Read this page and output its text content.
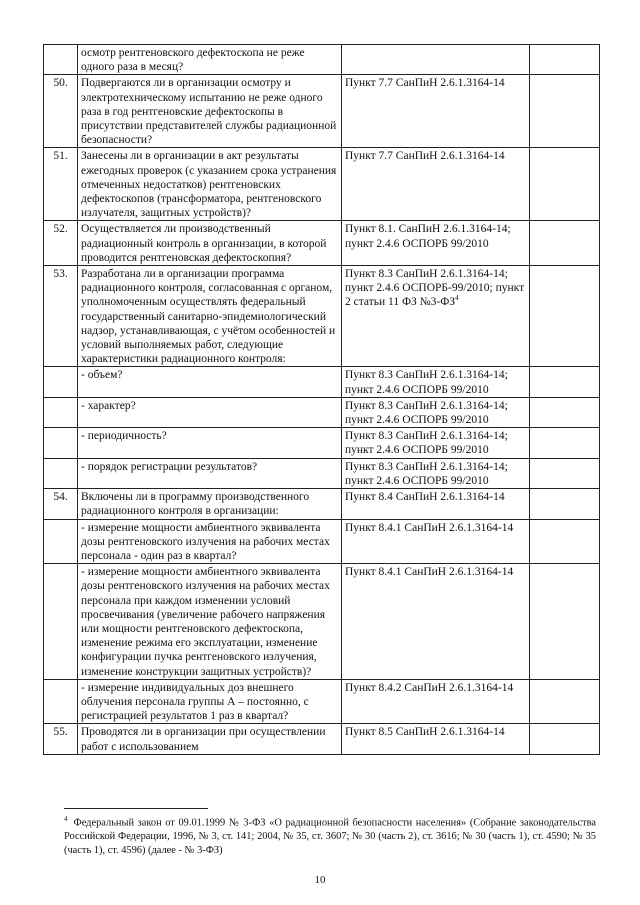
	осмотр рентгеновского дефектоскопа не реже одного раза в месяц?		
50.	Подвергаются ли в организации осмотру и электротехническому испытанию не реже одного раза в год рентгеновские дефектоскопы в присутствии представителей службы радиационной безопасности?	Пункт 7.7 СанПиН 2.6.1.3164-14	
51.	Занесены ли в организации в акт результаты ежегодных проверок (с указанием срока устранения отмеченных недостатков) рентгеновских дефектоскопов (трансформатора, рентгеновского излучателя, защитных устройств)?	Пункт 7.7 СанПиН 2.6.1.3164-14	
52.	Осуществляется ли производственный радиационный контроль в организации, в которой проводится рентгеновская дефектоскопия?	Пункт 8.1. СанПиН 2.6.1.3164-14; пункт 2.4.6 ОСПОРБ 99/2010	
53.	Разработана ли в организации программа радиационного контроля, согласованная с органом, уполномоченным осуществлять федеральный государственный санитарно-эпидемиологический надзор, устанавливающая, с учётом особенностей и условий выполняемых работ, следующие характеристики радиационного контроля:	Пункт 8.3 СанПиН 2.6.1.3164-14; пункт 2.4.6 ОСПОРБ-99/2010; пункт 2 статьи 11 ФЗ $№3-ФЗ^4$	
	- объем?	Пункт 8.3 СанПиН 2.6.1.3164-14; пункт 2.4.6 ОСПОРБ 99/2010	
	- характер?	Пункт 8.3 СанПиН 2.6.1.3164-14; пункт 2.4.6 ОСПОРБ 99/2010	
	- периодичность?	Пункт 8.3 СанПиН 2.6.1.3164-14; пункт 2.4.6 ОСПОРБ 99/2010	
	- порядок регистрации результатов?	Пункт 8.3 СанПиН 2.6.1.3164-14; пункт 2.4.6 ОСПОРБ 99/2010	
54.	Включены ли в программу производственного радиационного контроля в организации:	Пункт 8.4 СанПиН 2.6.1.3164-14	
	- измерение мощности амбиентного эквивалента дозы рентгеновского излучения на рабочих местах персонала - один раз в квартал?	Пункт 8.4.1 СанПиН 2.6.1.3164-14	
	- измерение мощности амбиентного эквивалента дозы рентгеновского излучения на рабочих местах персонала при каждом изменении условий просвечивания (увеличение рабочего напряжения или мощности рентгеновского дефектоскопа, изменение режима его эксплуатации, изменение конфигурации пучка рентгеновского излучения, изменение конструкции защитных устройств)?	Пункт 8.4.1 СанПиН 2.6.1.3164-14	
	- измерение индивидуальных доз внешнего облучения персонала группы А – постоянно, с регистрацией результатов 1 раз в квартал?	Пункт 8.4.2 СанПиН 2.6.1.3164-14	
55.	Проводятся ли в организации при осуществлении работ с использованием	Пункт 8.5 СанПиН 2.6.1.3164-14	
$^4$ Федеральный закон от 09.01.1999 № 3-ФЗ «О радиационной безопасности населения» (Собрание законодательства Российской Федерации, 1996, № 3, ст. 141; 2004, № 35, ст. 3607; № 30 (часть 2), ст. 3616; № 30 (часть 1), ст. 4590; № 35 (часть 1), ст. 4596) (далее - № 3-ФЗ)
10
